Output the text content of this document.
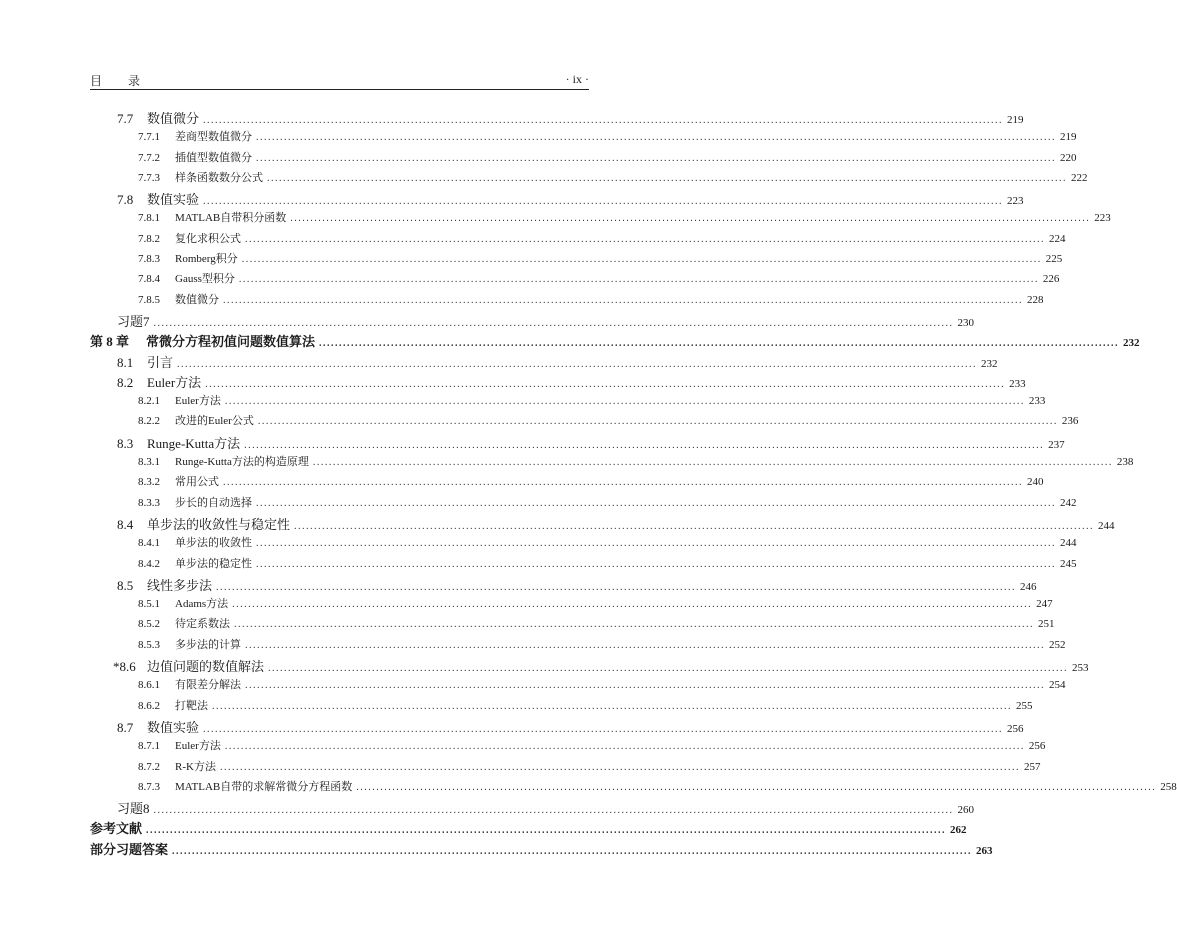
目 录	· ix ·
7.7	数值微分 ........................................................................................................................................................................................................ 219
7.7.1	差商型数值微分 ........................................................................................................................................................................................................ 219
7.7.2	插值型数值微分 ........................................................................................................................................................................................................ 220
7.7.3	样条函数数分公式 ........................................................................................................................................................................................................ 222
7.8	数值实验 ........................................................................................................................................................................................................ 223
7.8.1	MATLAB自带积分函数 ........................................................................................................................................................................................................ 223
7.8.2	复化求积公式 ........................................................................................................................................................................................................ 224
7.8.3	Romberg积分 ........................................................................................................................................................................................................ 225
7.8.4	Gauss型积分 ........................................................................................................................................................................................................ 226
7.8.5	数值微分 ........................................................................................................................................................................................................ 228
习题7 ........................................................................................................................................................................................................ 230
第 8 章	常微分方程初值问题数值算法 ........................................................................................................................................................................................................ 232
8.1	引言 ........................................................................................................................................................................................................ 232
8.2	Euler方法 ........................................................................................................................................................................................................ 233
8.2.1	Euler方法 ........................................................................................................................................................................................................ 233
8.2.2	改进的Euler公式 ........................................................................................................................................................................................................ 236
8.3	Runge-Kutta方法 ........................................................................................................................................................................................................ 237
8.3.1	Runge-Kutta方法的构造原理 ........................................................................................................................................................................................................ 238
8.3.2	常用公式 ........................................................................................................................................................................................................ 240
8.3.3	步长的自动选择 ........................................................................................................................................................................................................ 242
8.4	单步法的收敛性与稳定性 ........................................................................................................................................................................................................ 244
8.4.1	单步法的收敛性 ........................................................................................................................................................................................................ 244
8.4.2	单步法的稳定性 ........................................................................................................................................................................................................ 245
8.5	线性多步法 ........................................................................................................................................................................................................ 246
8.5.1	Adams方法 ........................................................................................................................................................................................................ 247
8.5.2	待定系数法 ........................................................................................................................................................................................................ 251
8.5.3	多步法的计算 ........................................................................................................................................................................................................ 252
*8.6 边值问题的数值解法 ........................................................................................................................................................................................................ 253
8.6.1	有限差分解法 ........................................................................................................................................................................................................ 254
8.6.2	打靶法 ........................................................................................................................................................................................................ 255
8.7	数值实验 ........................................................................................................................................................................................................ 256
8.7.1	Euler方法 ........................................................................................................................................................................................................ 256
8.7.2	R-K方法 ........................................................................................................................................................................................................ 257
8.7.3	MATLAB自带的求解常微分方程函数 ........................................................................................................................................................................................................ 258
习题8 ........................................................................................................................................................................................................ 260
参考文献 ........................................................................................................................................................................................................ 262
部分习题答案 ........................................................................................................................................................................................................ 263
